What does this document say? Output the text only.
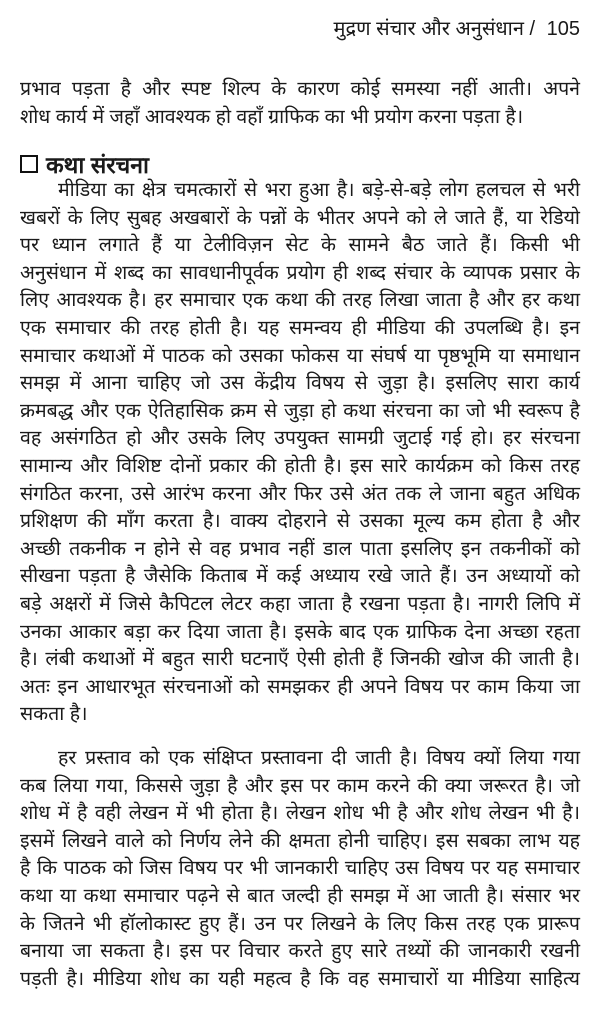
मुद्रण संचार और अनुसंधान / 105
प्रभाव पड़ता है और स्पष्ट शिल्प के कारण कोई समस्या नहीं आती। अपने
शोध कार्य में जहाँ आवश्यक हो वहाँ ग्राफिक का भी प्रयोग करना पड़ता है।
कथा संरचना
मीडिया का क्षेत्र चमत्कारों से भरा हुआ है। बड़े-से-बड़े लोग हलचल से भरी
खबरों के लिए सुबह अखबारों के पन्नों के भीतर अपने को ले जाते हैं, या रेडियो
पर ध्यान लगाते हैं या टेलीविज़न सेट के सामने बैठ जाते हैं। किसी भी
अनुसंधान में शब्द का सावधानीपूर्वक प्रयोग ही शब्द संचार के व्यापक प्रसार के
लिए आवश्यक है। हर समाचार एक कथा की तरह लिखा जाता है और हर कथा
एक समाचार की तरह होती है। यह समन्वय ही मीडिया की उपलब्धि है। इन
समाचार कथाओं में पाठक को उसका फोकस या संघर्ष या पृष्ठभूमि या समाधान
समझ में आना चाहिए जो उस केंद्रीय विषय से जुड़ा है। इसलिए सारा कार्य
क्रमबद्ध और एक ऐतिहासिक क्रम से जुड़ा हो कथा संरचना का जो भी स्वरूप है
वह असंगठित हो और उसके लिए उपयुक्त सामग्री जुटाई गई हो। हर संरचना
सामान्य और विशिष्ट दोनों प्रकार की होती है। इस सारे कार्यक्रम को किस तरह
संगठित करना, उसे आरंभ करना और फिर उसे अंत तक ले जाना बहुत अधिक
प्रशिक्षण की माँग करता है। वाक्य दोहराने से उसका मूल्य कम होता है और
अच्छी तकनीक न होने से वह प्रभाव नहीं डाल पाता इसलिए इन तकनीकों को
सीखना पड़ता है जैसेकि किताब में कई अध्याय रखे जाते हैं। उन अध्यायों को
बड़े अक्षरों में जिसे कैपिटल लेटर कहा जाता है रखना पड़ता है। नागरी लिपि में
उनका आकार बड़ा कर दिया जाता है। इसके बाद एक ग्राफिक देना अच्छा रहता
है। लंबी कथाओं में बहुत सारी घटनाएँ ऐसी होती हैं जिनकी खोज की जाती है।
अतः इन आधारभूत संरचनाओं को समझकर ही अपने विषय पर काम किया जा
सकता है।
हर प्रस्ताव को एक संक्षिप्त प्रस्तावना दी जाती है। विषय क्यों लिया गया
कब लिया गया, किससे जुड़ा है और इस पर काम करने की क्या जरूरत है। जो
शोध में है वही लेखन में भी होता है। लेखन शोध भी है और शोध लेखन भी है।
इसमें लिखने वाले को निर्णय लेने की क्षमता होनी चाहिए। इस सबका लाभ यह
है कि पाठक को जिस विषय पर भी जानकारी चाहिए उस विषय पर यह समाचार
कथा या कथा समाचार पढ़ने से बात जल्दी ही समझ में आ जाती है। संसार भर
के जितने भी हॉलोकास्ट हुए हैं। उन पर लिखने के लिए किस तरह एक प्रारूप
बनाया जा सकता है। इस पर विचार करते हुए सारे तथ्यों की जानकारी रखनी
पड़ती है। मीडिया शोध का यही महत्व है कि वह समाचारों या मीडिया साहित्य
